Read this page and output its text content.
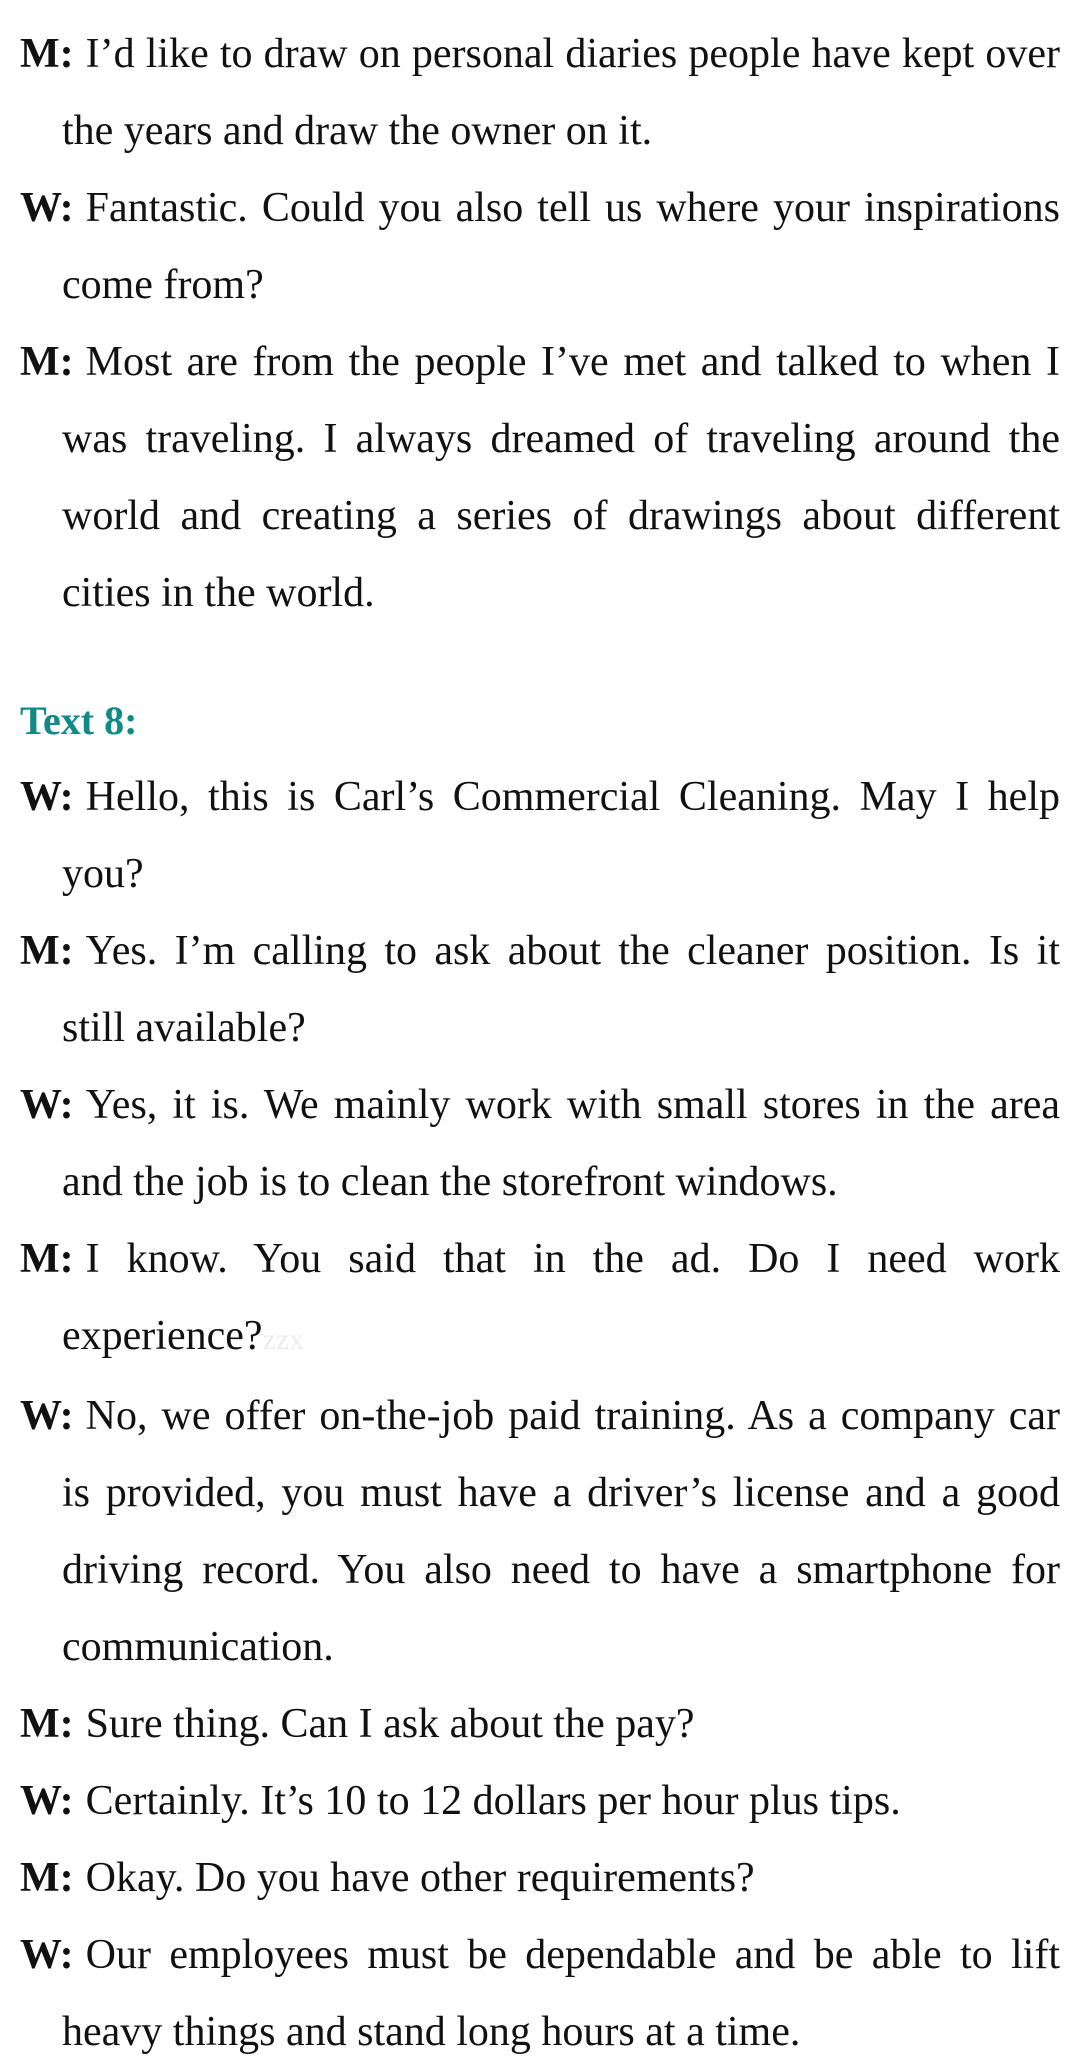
M: I’d like to draw on personal diaries people have kept over the years and draw the owner on it.

W: Fantastic. Could you also tell us where your inspirations come from?

M: Most are from the people I’ve met and talked to when I was traveling. I always dreamed of traveling around the world and creating a series of drawings about different cities in the world.

Text 8:

W: Hello, this is Carl’s Commercial Cleaning. May I help you?

M: Yes. I’m calling to ask about the cleaner position. Is it still available?

W: Yes, it is. We mainly work with small stores in the area and the job is to clean the storefront windows.

M: I know. You said that in the ad. Do I need work experience?zzx

W: No, we offer on-the-job paid training. As a company car is provided, you must have a driver’s license and a good driving record. You also need to have a smartphone for communication.

M: Sure thing. Can I ask about the pay?

W: Certainly. It’s 10 to 12 dollars per hour plus tips.

M: Okay. Do you have other requirements?

W: Our employees must be dependable and be able to lift heavy things and stand long hours at a time.
